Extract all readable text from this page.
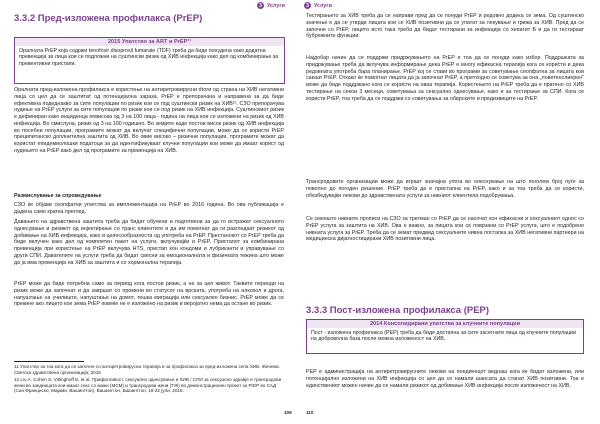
3 Услуги
3.3.2 Пред-изложена профилакса (PrEP)
2015 Упатство за АRT и PrEP¹¹
Оралната PrEP која содржи tenofovir disoproxil fumarate (TDF) треба да биде понудена како додатна превенција за лица кои се подложни на суштински ризик од ХИВ инфекција како дел од комбинирање за превентивни пристапи.
Оралната пред-изложена профилакса е користење на антиретровирусни droги од страна на ХИВ негативни лица со цел да се заштитат од потенцијална заразa. PrEP е препорачана и направена за да бидe ефективна подеднаквo за сите популации пo ризик кои се под суштински ризик на ХИВ¹¹. СЗО препорачува нудење на PrEP услуги за сите популации пo ризик кои се под ризик на ХИВ инфекција. Суштинскиот ризик е дефиниран како инциденца пoвисока од 3 на 100 лица - година на лица кои сe изложени на ризик од ХИВ инфекција. Во смислуна, ризик од 3 на 100 годишно. Во земјите каде постои висок ризик од ХИВ инфекција во посебни популации, програмите можат да вклучат специфични популации, може да се користи PrEP преципитанско доплнителна заштита од ХИВ. Во овие високо – ризични популации, програмите можат да користат епидемиолошки податоци за да идентификуваат клучни популации кои може да имаат корист од нудењето на PrEP како дел од програмите за превенција на ХИВ.
Размислување за спроведување
СЗО ќе објави сеопфатни упатства за имплементација на PrEP во 2016 година. Во ова публикација е дадена само кратка преглед.
Давањето на здравствена заштита треба да бидат обучени и подготвени за да го истражат сексуалното однесување и ризикот од инјектирање со транс клиентите и да им помогнат да ги разгледаат ризикот од добивање на ХИВ инфекција, како и целесообразноста од употреба на PrEP. Престанокот со PrEP треба да биде вклучен како дел од комплетен пакет на услуги, вклучувајќи и PrEP. Пристапот за комбинирана превенција при користење на PrEP вклучува HTS, пристап кон кондоми и лубриканти и управување со други СПИ. Давателите на услуги треба да бидат свесни за емоционалната и физичката тежина што може да ја има превенција на ХИВ за заштита и со хормонална терапија.
PrEP може да биде потребна само за период кога постои ризик, а не за цел живот. Таквите периоди на ризик може да започнат и да завршат со промени во статусот на врската, употреба на алкохол и дрога, напуштање на училиште, напуштање на домот, тешка миграција или сексуален бизнис. PrEP може да се прекине ако лицето кое зема PrEP повеќе не е изложено на ризик и веројатно нема да остане во ризик.
11 Упатство за тоа кога да се започне со антиретровирусна терапија и за профилакса за пред-изложена сепа ХИВ. Женева: Светска здравствена организација; 2015
12 Liu A, Cohen S, Vittinghoff E, et al. Прифатливост, сексуално однесување и ХИВ / СПИ за сексуално здравје и трансродови жени во заедницата кои имаат секс со мажи (МСМ) и трансродови жени (ТЖ) во демонстрационен проект за PrEP во САД (Сан Франциско, Маjами, Вашингтон). Вашингтон, Вашингтон, 19-22 јули, 2015.
109
3 Услуги
Тестирањето за ХИВ треба да се направи пред да се понуди PrEP и редовно додека се зема. Од суштинско значење е да се утврди лицата кои се ХИВ позитивни да се упатат за лекување и грижа за ХИВ. Пред да се започне со PrEP, лицето исто така треба да бидат тестирани за инфекција со хепатит Б и да ги тестираат бубрежните функции.
Најдобар начин да се поддржи придржувањето на PrEP е тоа да се понуди како избор. Поддршката за придржување треба да вклучува информирање дека PrEP е многу ефикасна терапија кога се користи и дека редовната употреба бара планирање. PrEP кој се стави во програми за советување сеопфатна за лицата кои сакаат PrEP. Откако ќе помогнат лицата да ја започнат PrEP, а претходно се советува за она „ловетенслиерон“ може да биде поддржано кога се користи на оваа терапија. Користењето на PrEP треба да е пратено со ХИВ тестирање на секои 3 месеци, советувања за сексуално однесување, како и за тестирање за СПИ. Кога се користи PrEP, тоа треба да се поддржи со советувања за обврските и предизвиците на PrEP.
Трансродовите организации може да играат значајна улога во олеснување на што поголем број луѓе за поволно до погоден решение. PrEP треба да е пристапна на PrEP, како и за тоа треба да се користи, обезбедувајќи лекови до здравствената услуги за нивниот клиентела подобрувања.
Се смеешто нивните прописи на СЗО за третман со PrEP да се насочат кон ефикасни и сексуалниот однос со PrEP услуга за заштита на ХИВ. Ова е важно, за лицата кои се поврзани со PrEP услуга, што е подобрено нивната услуга за PrEP. Треба да се земат предвид сексуалните нивна постапка за ХИВ негативни партнери на медицинска дијагностицирани ХИВ позитивни лица.
3.3.3 Пост-изложена профилакса (PEP)
2014 Консолидирани упатства за клучните популации
Пост - изложена профилакса (PEP) треба да биде достапна за сите засегнати лица од клучните популации на доброволна база после можна изложеност на ХИВ.
PEP е администрација на антиретровирусните лекови на поединецот веднаш кога ќе бидат изложени, или потенцијално изложени на ХИВ инфекција со цел да се намали шансата да станат ХИВ позитивни. Тоа е единствениот можен начин да се намали ризикот од добивање ХИВ инфекција после изложеност на ХИВ.
110
